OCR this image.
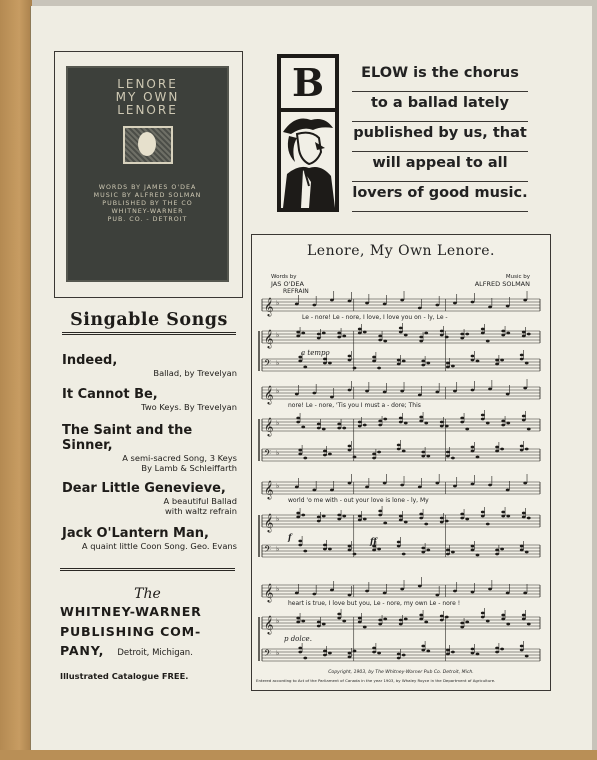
LENORE
MY OWN
LENORE
WORDS BY JAMES O'DEA
MUSIC BY ALFRED SOLMAN
PUBLISHED BY THE CO
WHITNEY-WARNER
PUB. CO. - DETROIT
B	ELOW is the chorus
to a ballad lately
published by us, that
will appeal to all
lovers of good music.
Singable Songs
Indeed,
Ballad, by Trevelyan
It Cannot Be,
Two Keys. By Trevelyan
The Saint and the Sinner,
A semi-sacred Song, 3 Keys
By Lamb & Schleiffarth
Dear Little Genevieve,
A beautiful Ballad
with waltz refrain
Jack O'Lantern Man,
A quaint little Coon Song. Geo. Evans
The
WHITNEY-WARNER
PUBLISHING COM-
PANY, Detroit, Michigan.
Illustrated Catalogue FREE.
𝄞 ♭
𝄞 ♭
𝄢 ♭
𝄞 ♭
𝄞 ♭
𝄢 ♭
𝄞 ♭
𝄞 ♭
𝄢 ♭
𝄞 ♭
𝄞 ♭
𝄢 ♭
Lenore, My Own Lenore.
Words by
JAS O'DEA
REFRAIN
Music by
ALFRED SOLMAN
Le - nore! Le - nore, I love, I love you on - ly, Le -
nore! Le - nore, 'Tis you I must a - dore; This
world 'o me with - out your love is lone - ly, My
heart is true, I love but you, Le - nore, my own Le - nore !
a tempo
f	ff
p dolce.
Copyright, 1903, by The Whitney-Warner Pub Co. Detroit, Mich.
Entered according to Act of the Parliament of Canada in the year 1903, by Whaley Royce in the Department of Agriculture.
